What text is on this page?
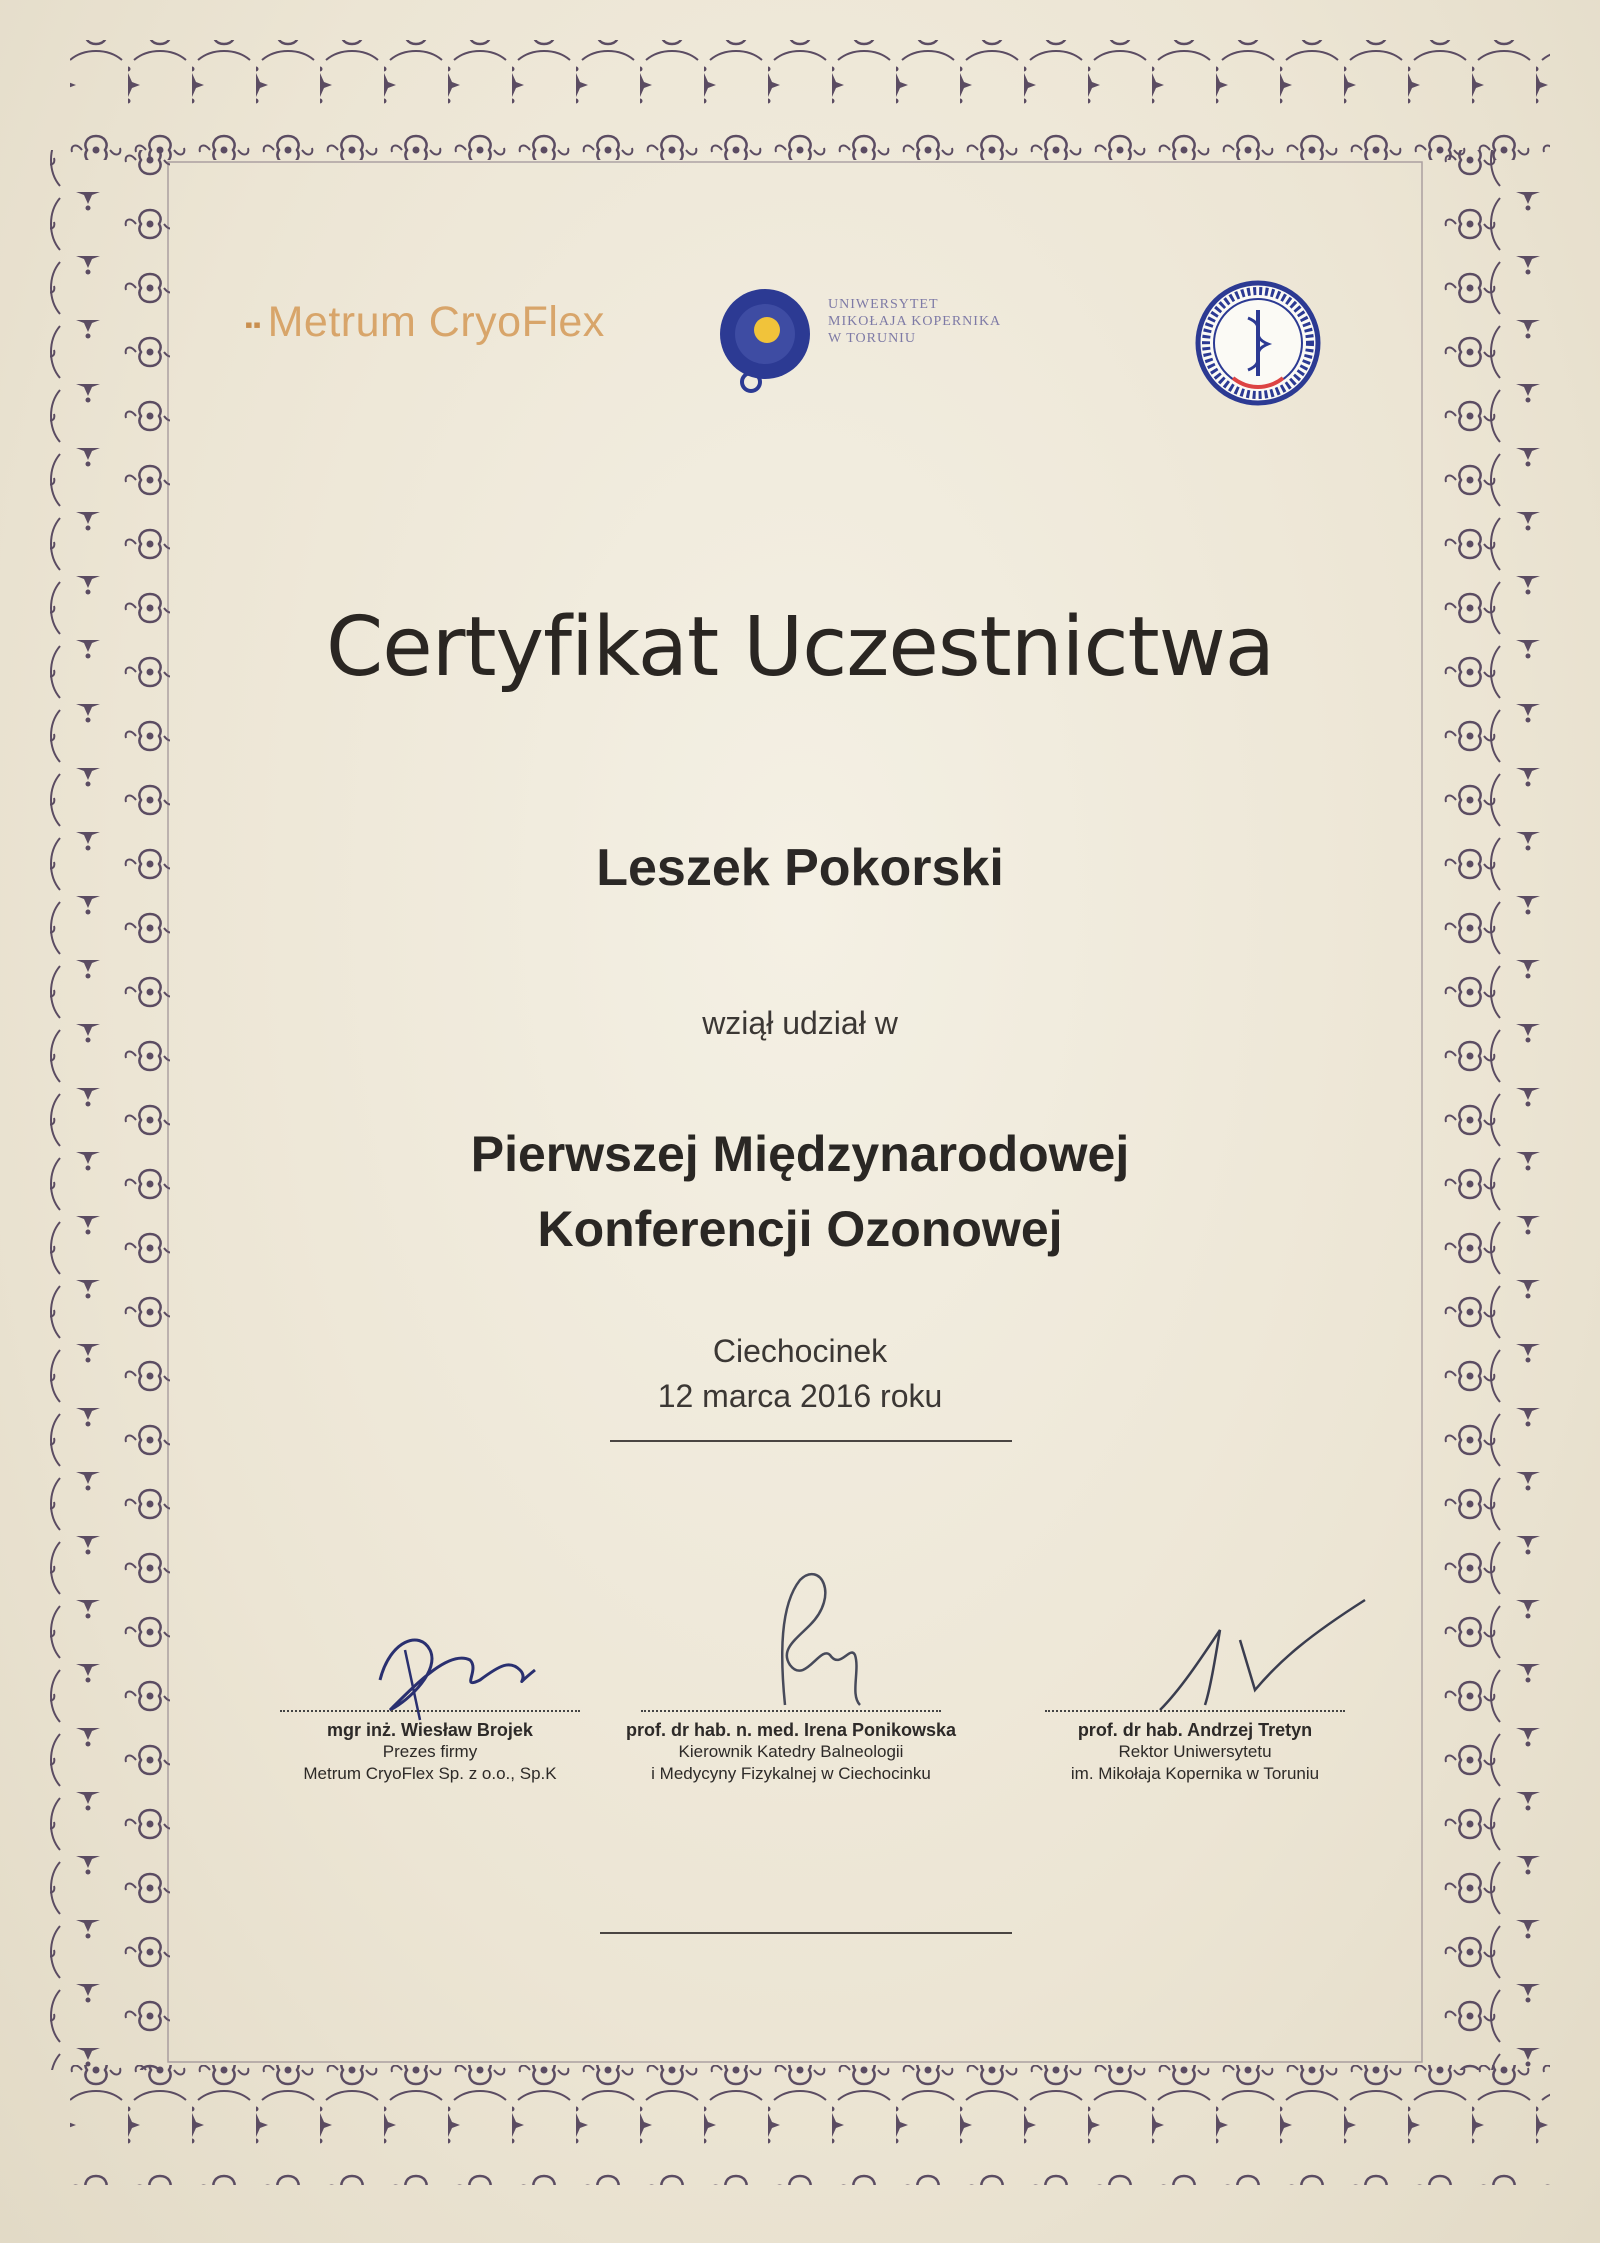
▪▪ Metrum CryoFlex	UNIWERSYTET
MIKOŁAJA KOPERNIKA
W TORUNIU
Certyfikat Uczestnictwa
Leszek Pokorski
wziął udział w
Pierwszej Międzynarodowej
Konferencji Ozonowej
Ciechocinek
12 marca 2016 roku
mgr inż. Wiesław Brojek
Prezes firmy
Metrum CryoFlex Sp. z o.o., Sp.K
prof. dr hab. n. med. Irena Ponikowska
Kierownik Katedry Balneologii
i Medycyny Fizykalnej w Ciechocinku
prof. dr hab. Andrzej Tretyn
Rektor Uniwersytetu
im. Mikołaja Kopernika w Toruniu
